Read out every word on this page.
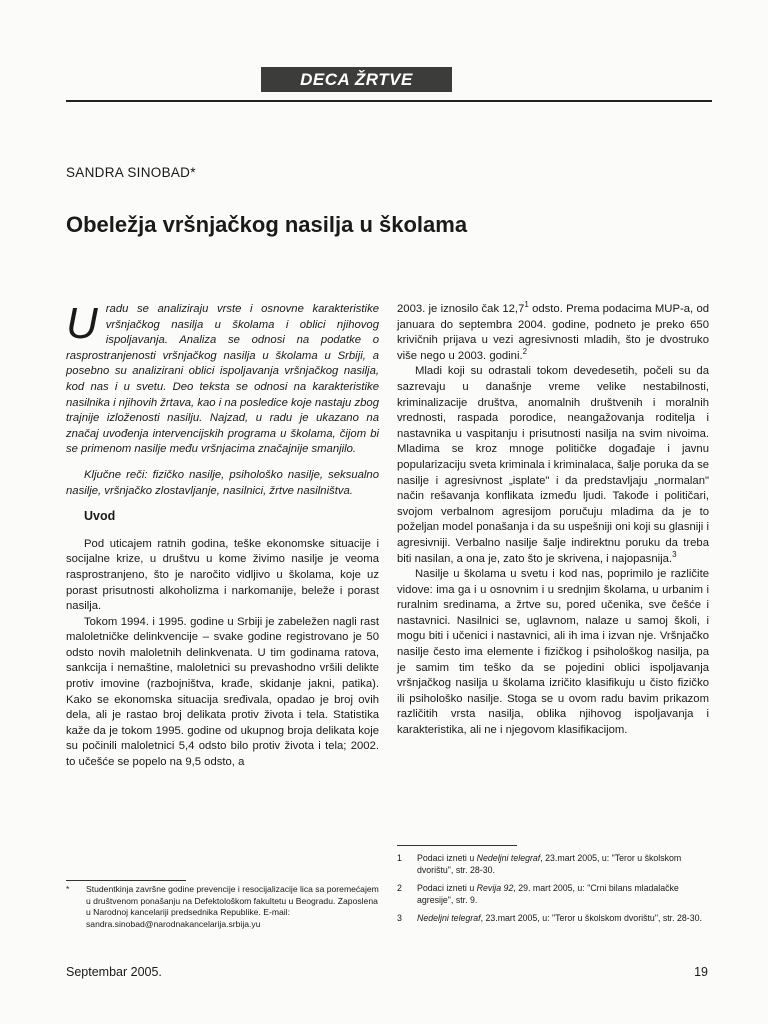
DECA ŽRTVE
SANDRA SINOBAD*
Obeležja vršnjačkog nasilja u školama

Uradu se analiziraju vrste i osnovne karakteristike vršnjačkog nasilja u školama i oblici njihovog ispoljavanja. Analiza se odnosi na podatke o rasprostranjenosti vršnjačkog nasilja u školama u Srbiji, a posebno su analizirani oblici ispoljavanja vršnjačkog nasilja, kod nas i u svetu. Deo teksta se odnosi na karakteristike nasilnika i njihovih žrtava, kao i na posledice koje nastaju zbog trajnije izloženosti nasilju. Najzad, u radu je ukazano na značaj uvođenja intervencijskih programa u školama, čijom bi se primenom nasilje među vršnjacima značajnije smanjilo.

Ključne reči: fizičko nasilje, psihološko nasilje, seksualno nasilje, vršnjačko zlostavljanje, nasilnici, žrtve nasilništva.

Uvod

Pod uticajem ratnih godina, teške ekonomske situacije i socijalne krize, u društvu u kome živimo nasilje je veoma rasprostranjeno, što je naročito vidljivo u školama, koje uz porast prisutnosti alkoholizma i narkomanije, beleže i porast nasilja.

Tokom 1994. i 1995. godine u Srbiji je zabeležen nagli rast maloletničke delinkvencije – svake godine registrovano je 50 odsto novih maloletnih delinkvenata. U tim godinama ratova, sankcija i nemaštine, maloletnici su prevashodno vršili delikte protiv imovine (razbojništva, krađe, skidanje jakni, patika). Kako se ekonomska situacija sređivala, opadao je broj ovih dela, ali je rastao broj delikata protiv života i tela. Statistika kaže da je tokom 1995. godine od ukupnog broja delikata koje su počinili maloletnici 5,4 odsto bilo protiv života i tela; 2002. to učešće se popelo na 9,5 odsto, a

2003. je iznosilo čak 12,7$^1$ odsto. Prema podacima MUP-a, od januara do septembra 2004. godine, podneto je preko 650 krivičnih prijava u vezi agresivnosti mladih, što je dvostruko više nego u 2003. godini.$^2$

Mladi koji su odrastali tokom devedesetih, počeli su da sazrevaju u današnje vreme velike nestabilnosti, kriminalizacije društva, anomalnih društvenih i moralnih vrednosti, raspada porodice, neangažovanja roditelja i nastavnika u vaspitanju i prisutnosti nasilja na svim nivoima. Mladima se kroz mnoge političke događaje i javnu popularizaciju sveta kriminala i kriminalaca, šalje poruka da se nasilje i agresivnost „isplate" i da predstavljaju „normalan" način rešavanja konflikata između ljudi. Takođe i političari, svojom verbalnom agresijom poručuju mladima da je to poželjan model ponašanja i da su uspešniji oni koji su glasniji i agresivniji. Verbalno nasilje šalje indirektnu poruku da treba biti nasilan, a ona je, zato što je skrivena, i najopasnija.$^3$

Nasilje u školama u svetu i kod nas, poprimilo je različite vidove: ima ga i u osnovnim i u srednjim školama, u urbanim i ruralnim sredinama, a žrtve su, pored učenika, sve češće i nastavnici. Nasilnici se, uglavnom, nalaze u samoj školi, i mogu biti i učenici i nastavnici, ali ih ima i izvan nje. Vršnjačko nasilje često ima elemente i fizičkog i psihološkog nasilja, pa je samim tim teško da se pojedini oblici ispoljavanja vršnjačkog nasilja u školama izričito klasifikuju u čisto fizičko ili psihološko nasilje. Stoga se u ovom radu bavim prikazom različitih vrsta nasilja, oblika njihovog ispoljavanja i karakteristika, ali ne i njegovom klasifikacijom.

* Studentkinja završne godine prevencije i resocijalizacije lica sa poremećajem u društvenom ponašanju na Defektološkom fakultetu u Beogradu. Zaposlena u Narodnoj kancelariji predsednika Republike. E-mail: sandra.sinobad@narodnakancelarija.srbija.yu
1	Podaci izneti u Nedeljni telegraf, 23.mart 2005, u: "Teror u školskom dvorištu", str. 28-30.
2	Podaci izneti u Revija 92, 29. mart 2005, u: "Crni bilans mladalačke agresije", str. 9.
3	Nedeljni telegraf, 23.mart 2005, u: "Teror u školskom dvorištu", str. 28-30.
Septembar 2005.	19
